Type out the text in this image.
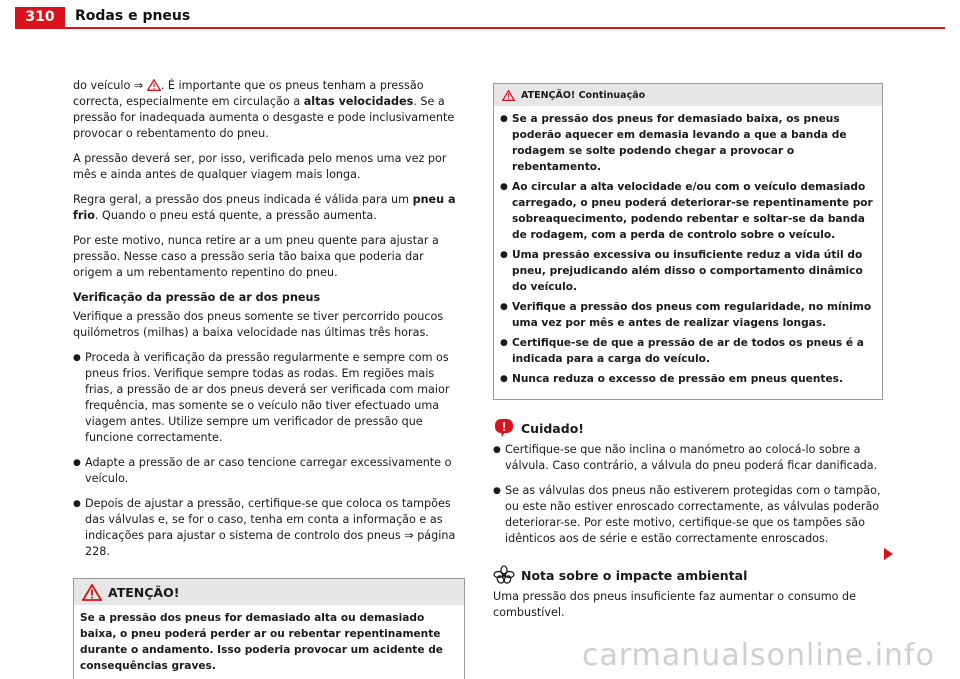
310	Rodas e pneus

do veículo ⇒ . É importante que os pneus tenham a pressão correcta, especialmente em circulação a altas velocidades. Se a pressão for inadequada aumenta o desgaste e pode inclusivamente provocar o rebentamento do pneu.

A pressão deverá ser, por isso, verificada pelo menos uma vez por mês e ainda antes de qualquer viagem mais longa.

Regra geral, a pressão dos pneus indicada é válida para um pneu a frio. Quando o pneu está quente, a pressão aumenta.

Por este motivo, nunca retire ar a um pneu quente para ajustar a pressão. Nesse caso a pressão seria tão baixa que poderia dar origem a um rebentamento repentino do pneu.

Verificação da pressão de ar dos pneus

Verifique a pressão dos pneus somente se tiver percorrido poucos quilómetros (milhas) a baixa velocidade nas últimas três horas.

● Proceda à verificação da pressão regularmente e sempre com os pneus frios. Verifique sempre todas as rodas. Em regiões mais frias, a pressão de ar dos pneus deverá ser verificada com maior frequência, mas somente se o veículo não tiver efectuado uma viagem antes. Utilize sempre um verificador de pressão que funcione correctamente.
● Adapte a pressão de ar caso tencione carregar excessivamente o veículo.
● Depois de ajustar a pressão, certifique-se que coloca os tampões das válvulas e, se for o caso, tenha em conta a informação e as indicações para ajustar o sistema de controlo dos pneus ⇒ página 228.
ATENÇÃO!

Se a pressão dos pneus for demasiado alta ou demasiado baixa, o pneu poderá perder ar ou rebentar repentinamente durante o andamento. Isso poderia provocar um acidente de consequências graves.

ATENÇÃO! Continuação
● Se a pressão dos pneus for demasiado baixa, os pneus poderão aquecer em demasia levando a que a banda de rodagem se solte podendo chegar a provocar o rebentamento.
● Ao circular a alta velocidade e/ou com o veículo demasiado carregado, o pneu poderá deteriorar-se repentinamente por sobreaquecimento, podendo rebentar e soltar-se da banda de rodagem, com a perda de controlo sobre o veículo.
● Uma pressão excessiva ou insuficiente reduz a vida útil do pneu, prejudicando além disso o comportamento dinâmico do veículo.
● Verifique a pressão dos pneus com regularidade, no mínimo uma vez por mês e antes de realizar viagens longas.
● Certifique-se de que a pressão de ar de todos os pneus é a indicada para a carga do veículo.
● Nunca reduza o excesso de pressão em pneus quentes.
Cuidado!
● Certifique-se que não inclina o manómetro ao colocá-lo sobre a válvula. Caso contrário, a válvula do pneu poderá ficar danificada.
● Se as válvulas dos pneus não estiverem protegidas com o tampão, ou este não estiver enroscado correctamente, as válvulas poderão deteriorar-se. Por este motivo, certifique-se que os tampões são idênticos aos de série e estão correctamente enroscados.
Nota sobre o impacte ambiental

Uma pressão dos pneus insuficiente faz aumentar o consumo de combustível.

carmanualsonline.info
